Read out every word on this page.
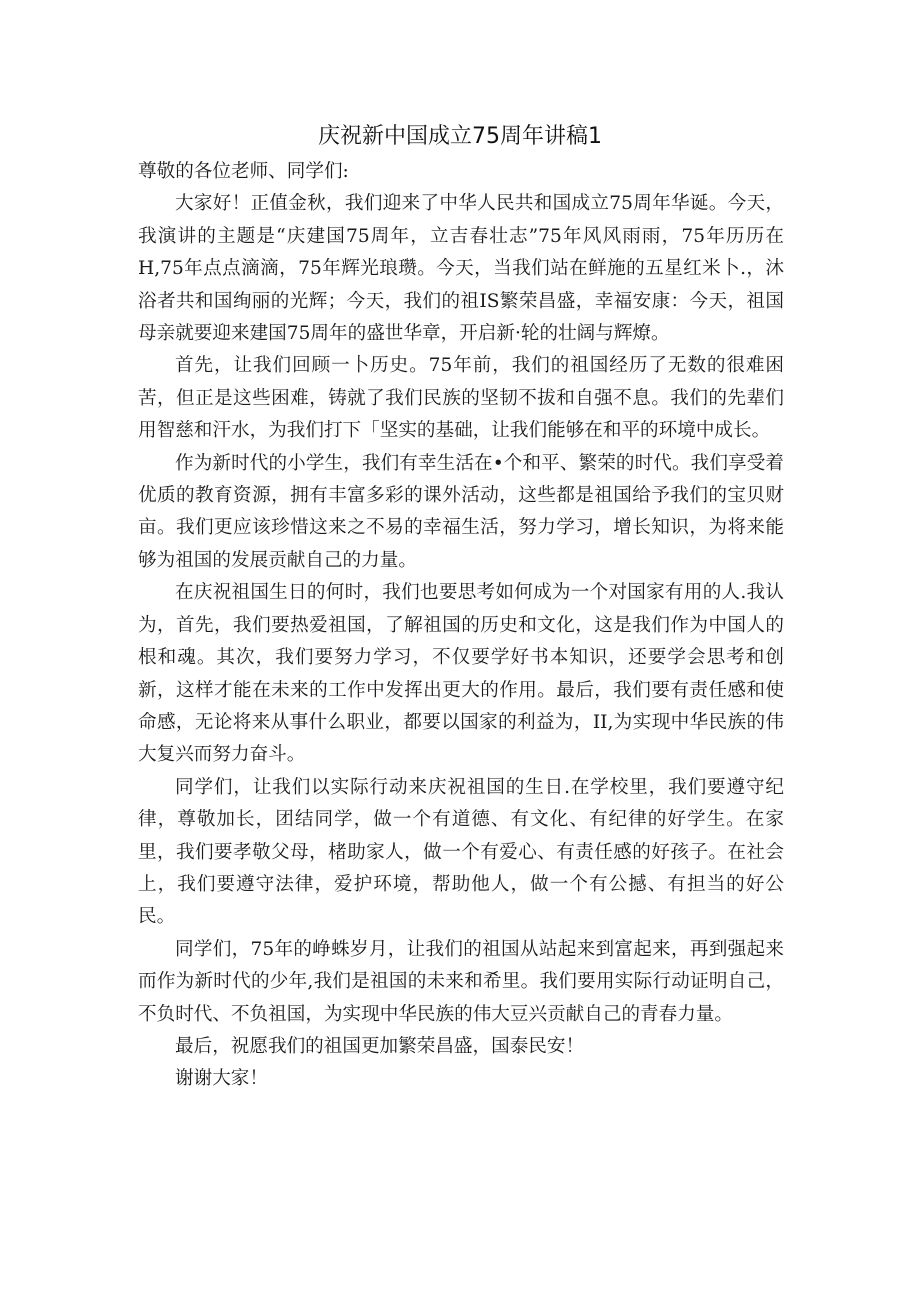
庆祝新中国成立75周年讲稿1

尊敬的各位老师、同学们:

大家好！正值金秋，我们迎来了中华人民共和国成立75周年华诞。今天，我演讲的主题是“庆建国75周年，立吉春壮志”75年风风雨雨，75年历历在H,75年点点滴滴，75年辉光琅瓒。今天，当我们站在鲜施的五星红米卜.，沐浴者共和国绚丽的光辉；今天，我们的祖IS繁荣昌盛，幸福安康：今天，祖国母亲就要迎来建国75周年的盛世华章，开启新·轮的壮阔与辉燎。

首先，让我们回顾一卜历史。75年前，我们的祖国经历了无数的很难困苦，但正是这些困难，铸就了我们民族的坚韧不拔和自强不息。我们的先辈们用智慈和汗水，为我们打下「坚实的基础，让我们能够在和平的环境中成长。

作为新时代的小学生，我们有幸生活在•个和平、繁荣的时代。我们享受着优质的教育资源，拥有丰富多彩的课外活动，这些都是祖国给予我们的宝贝财亩。我们更应该珍惜这来之不易的幸福生活，努力学习，增长知识，为将来能够为祖国的发展贡献自己的力量。

在庆祝祖国生日的何时，我们也要思考如何成为一个对国家有用的人.我认为，首先，我们要热爱祖国，了解祖国的历史和文化，这是我们作为中国人的根和魂。其次，我们要努力学习，不仅要学好书本知识，还要学会思考和创新，这样才能在未来的工作中发挥出更大的作用。最后，我们要有责任感和使命感，无论将来从事什么职业，都要以国家的利益为，II,为实现中华民族的伟大复兴而努力奋斗。

同学们，让我们以实际行动来庆祝祖国的生日.在学校里，我们要遵守纪律，尊敬加长，团结同学，做一个有道德、有文化、有纪律的好学生。在家里，我们要孝敬父母，楮助家人，做一个有爱心、有责任感的好孩子。在社会上，我们要遵守法律，爱护环境，帮助他人，做一个有公撼、有担当的好公民。

同学们，75年的峥蛛岁月，让我们的祖国从站起来到富起来，再到强起来而作为新时代的少年,我们是祖国的未来和希里。我们要用实际行动证明自己，不负时代、不负祖国，为实现中华民族的伟大豆兴贡献自己的青春力量。

最后，祝愿我们的祖国更加繁荣昌盛，国泰民安！

谢谢大家！
